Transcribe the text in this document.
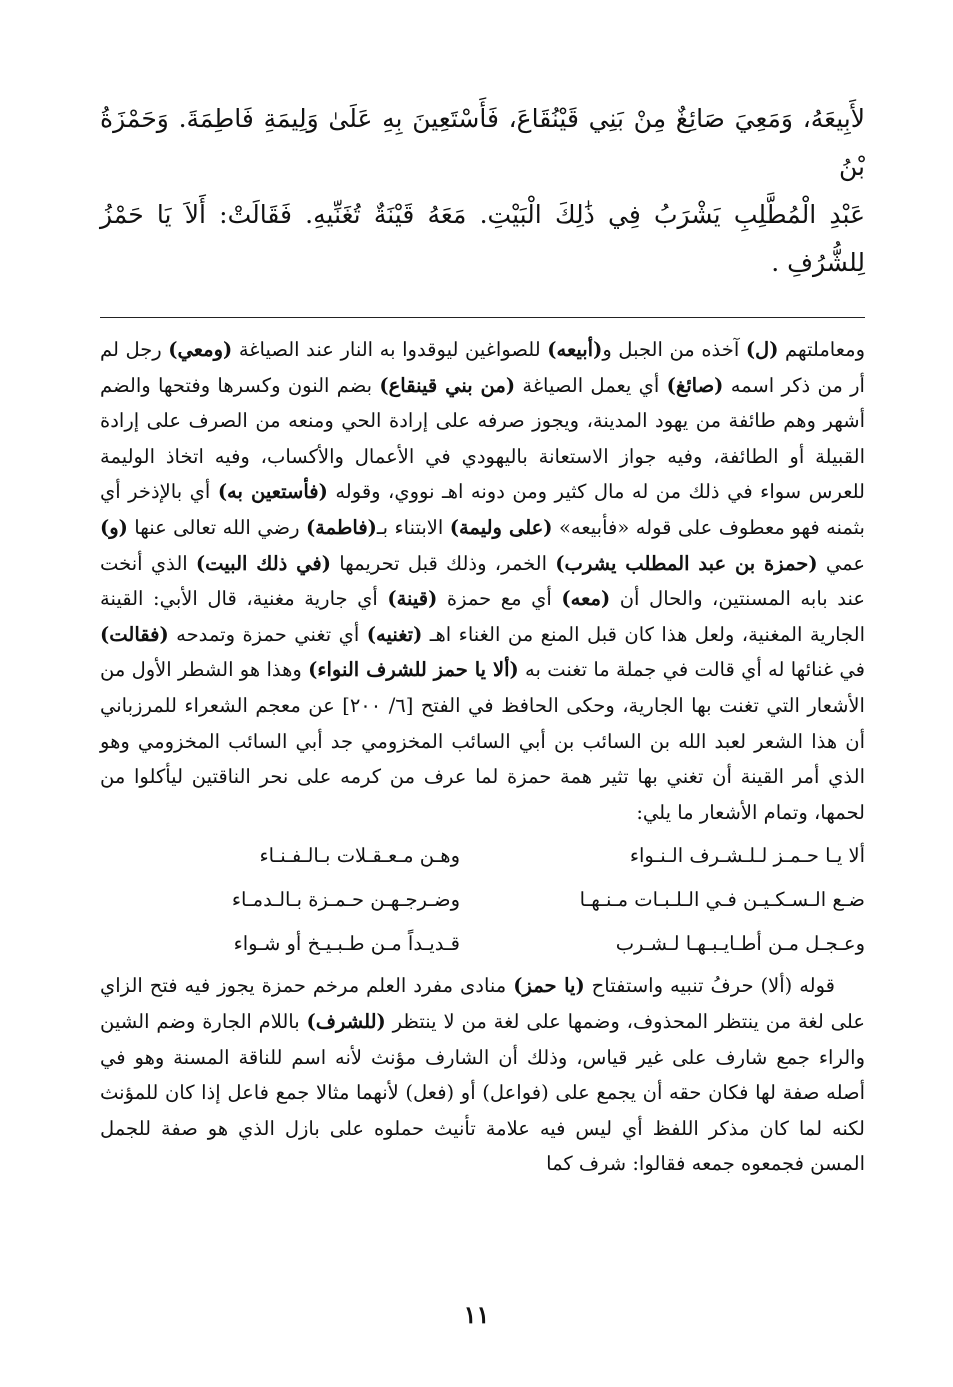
لأَبِيعَهُ، وَمَعِيَ صَائِغٌ مِنْ بَنِي قَيْنُقَاعَ، فَأَسْتَعِينَ بِهِ عَلَىٰ وَلِيمَةِ فَاطِمَةَ. وَحَمْزَةُ بْنُ
عَبْدِ الْمُطَّلِبِ يَشْرَبُ فِي ذَٰلِكَ الْبَيْتِ. مَعَهُ قَيْنَةٌ تُغَنِّيهِ. فَقَالَتْ: أَلاَ يَا حَمْزُ لِلشُّرُفِ .

ومعاملتهم (ل) آخذه من الجبل و(أبيعه) للصواغين ليوقدوا به النار عند الصياغة (ومعي) رجل لم أر من ذكر اسمه (صائغ) أي يعمل الصياغة (من بني قينقاع) بضم النون وكسرها وفتحها والضم أشهر وهم طائفة من يهود المدينة، ويجوز صرفه على إرادة الحي ومنعه من الصرف على إرادة القبيلة أو الطائفة، وفيه جواز الاستعانة باليهودي في الأعمال والأكساب، وفيه اتخاذ الوليمة للعرس سواء في ذلك من له مال كثير ومن دونه اهـ نووي، وقوله (فأستعين به) أي بالإذخر أي بثمنه فهو معطوف على قوله «فأبيعه» (على وليمة) الابتناء بـ(فاطمة) رضي الله تعالى عنها (و) عمي (حمزة بن عبد المطلب يشرب) الخمر، وذلك قبل تحريمها (في ذلك البيت) الذي أنخت عند بابه المسنتين، والحال أن (معه) أي مع حمزة (قينة) أي جارية مغنية، قال الأبي: القينة الجارية المغنية، ولعل هذا كان قبل المنع من الغناء اهـ (تغنيه) أي تغني حمزة وتمدحه (فقالت) في غنائها له أي قالت في جملة ما تغنت به (ألا يا حمز للشرف النواء) وهذا هو الشطر الأول من الأشعار التي تغنت بها الجارية، وحكى الحافظ في الفتح [٦/ ٢٠٠] عن معجم الشعراء للمرزباني أن هذا الشعر لعبد الله بن السائب بن أبي السائب المخزومي جد أبي السائب المخزومي وهو الذي أمر القينة أن تغني بها تثير همة حمزة لما عرف من كرمه على نحر الناقتين ليأكلوا من لحمها، وتمام الأشعار ما يلي:

ألا يـا حـمـز لـلـشـرف الـنـواء
وهـن مـعـقـلات بـالـفـنـاء
ضـع الـسـكـيـن فـي الـلـبـات مـنـهـا
وضـرجـهـن حـمـزة بـالـدمـاء
وعـجـل مـن أطـايـبـهـا لـشـرب
قـديـداً مـن طـبـيـخ أو شـواء

قوله (ألا) حرفُ تنبيه واستفتاح (يا حمز) منادى مفرد العلم مرخم حمزة يجوز فيه فتح الزاي على لغة من ينتظر المحذوف، وضمها على لغة من لا ينتظر (للشرف) باللام الجارة وضم الشين والراء جمع شارف على غير قياس، وذلك أن الشارف مؤنث لأنه اسم للناقة المسنة وهو في أصله صفة لها فكان حقه أن يجمع على (فواعل) أو (فعل) لأنهما مثالا جمع فاعل إذا كان للمؤنث لكنه لما كان مذكر اللفظ أي ليس فيه علامة تأنيث حملوه على بازل الذي هو صفة للجمل المسن فجمعوه جمعه فقالوا: شرف كما

١١
